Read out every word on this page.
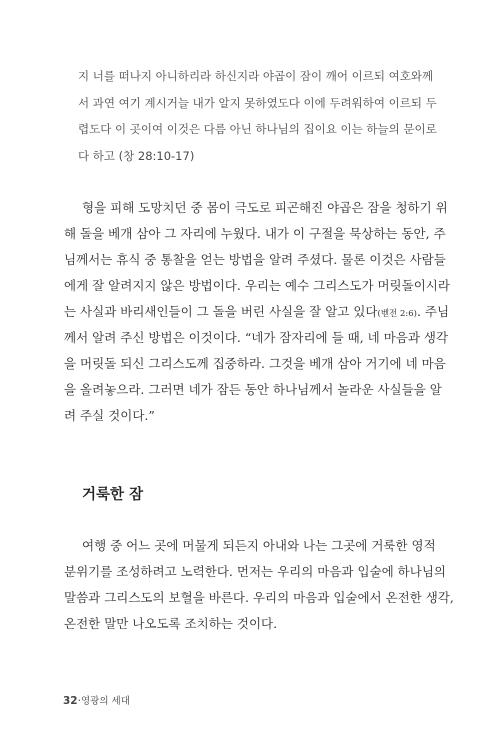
지 너를 떠나지 아니하리라 하신지라 야곱이 잠이 깨어 이르되 여호와께
서 과연 여기 계시거늘 내가 알지 못하였도다 이에 두려워하여 이르되 두
렵도다 이 곳이여 이것은 다름 아닌 하나님의 집이요 이는 하늘의 문이로
다 하고 (창 28:10-17)
형을 피해 도망치던 중 몸이 극도로 피곤해진 야곱은 잠을 청하기 위
해 돌을 베개 삼아 그 자리에 누웠다. 내가 이 구절을 묵상하는 동안, 주
님께서는 휴식 중 통찰을 얻는 방법을 알려 주셨다. 물론 이것은 사람들
에게 잘 알려지지 않은 방법이다. 우리는 예수 그리스도가 머릿돌이시라
는 사실과 바리새인들이 그 돌을 버린 사실을 잘 알고 있다(벧전 2:6). 주님
께서 알려 주신 방법은 이것이다. “네가 잠자리에 들 때, 네 마음과 생각
을 머릿돌 되신 그리스도께 집중하라. 그것을 베개 삼아 거기에 네 마음
을 올려놓으라. 그러면 네가 잠든 동안 하나님께서 놀라운 사실들을 알
려 주실 것이다.”
거룩한 잠
여행 중 어느 곳에 머물게 되든지 아내와 나는 그곳에 거룩한 영적
분위기를 조성하려고 노력한다. 먼저는 우리의 마음과 입술에 하나님의
말씀과 그리스도의 보혈을 바른다. 우리의 마음과 입술에서 온전한 생각,
온전한 말만 나오도록 조치하는 것이다.
32·영광의 세대
